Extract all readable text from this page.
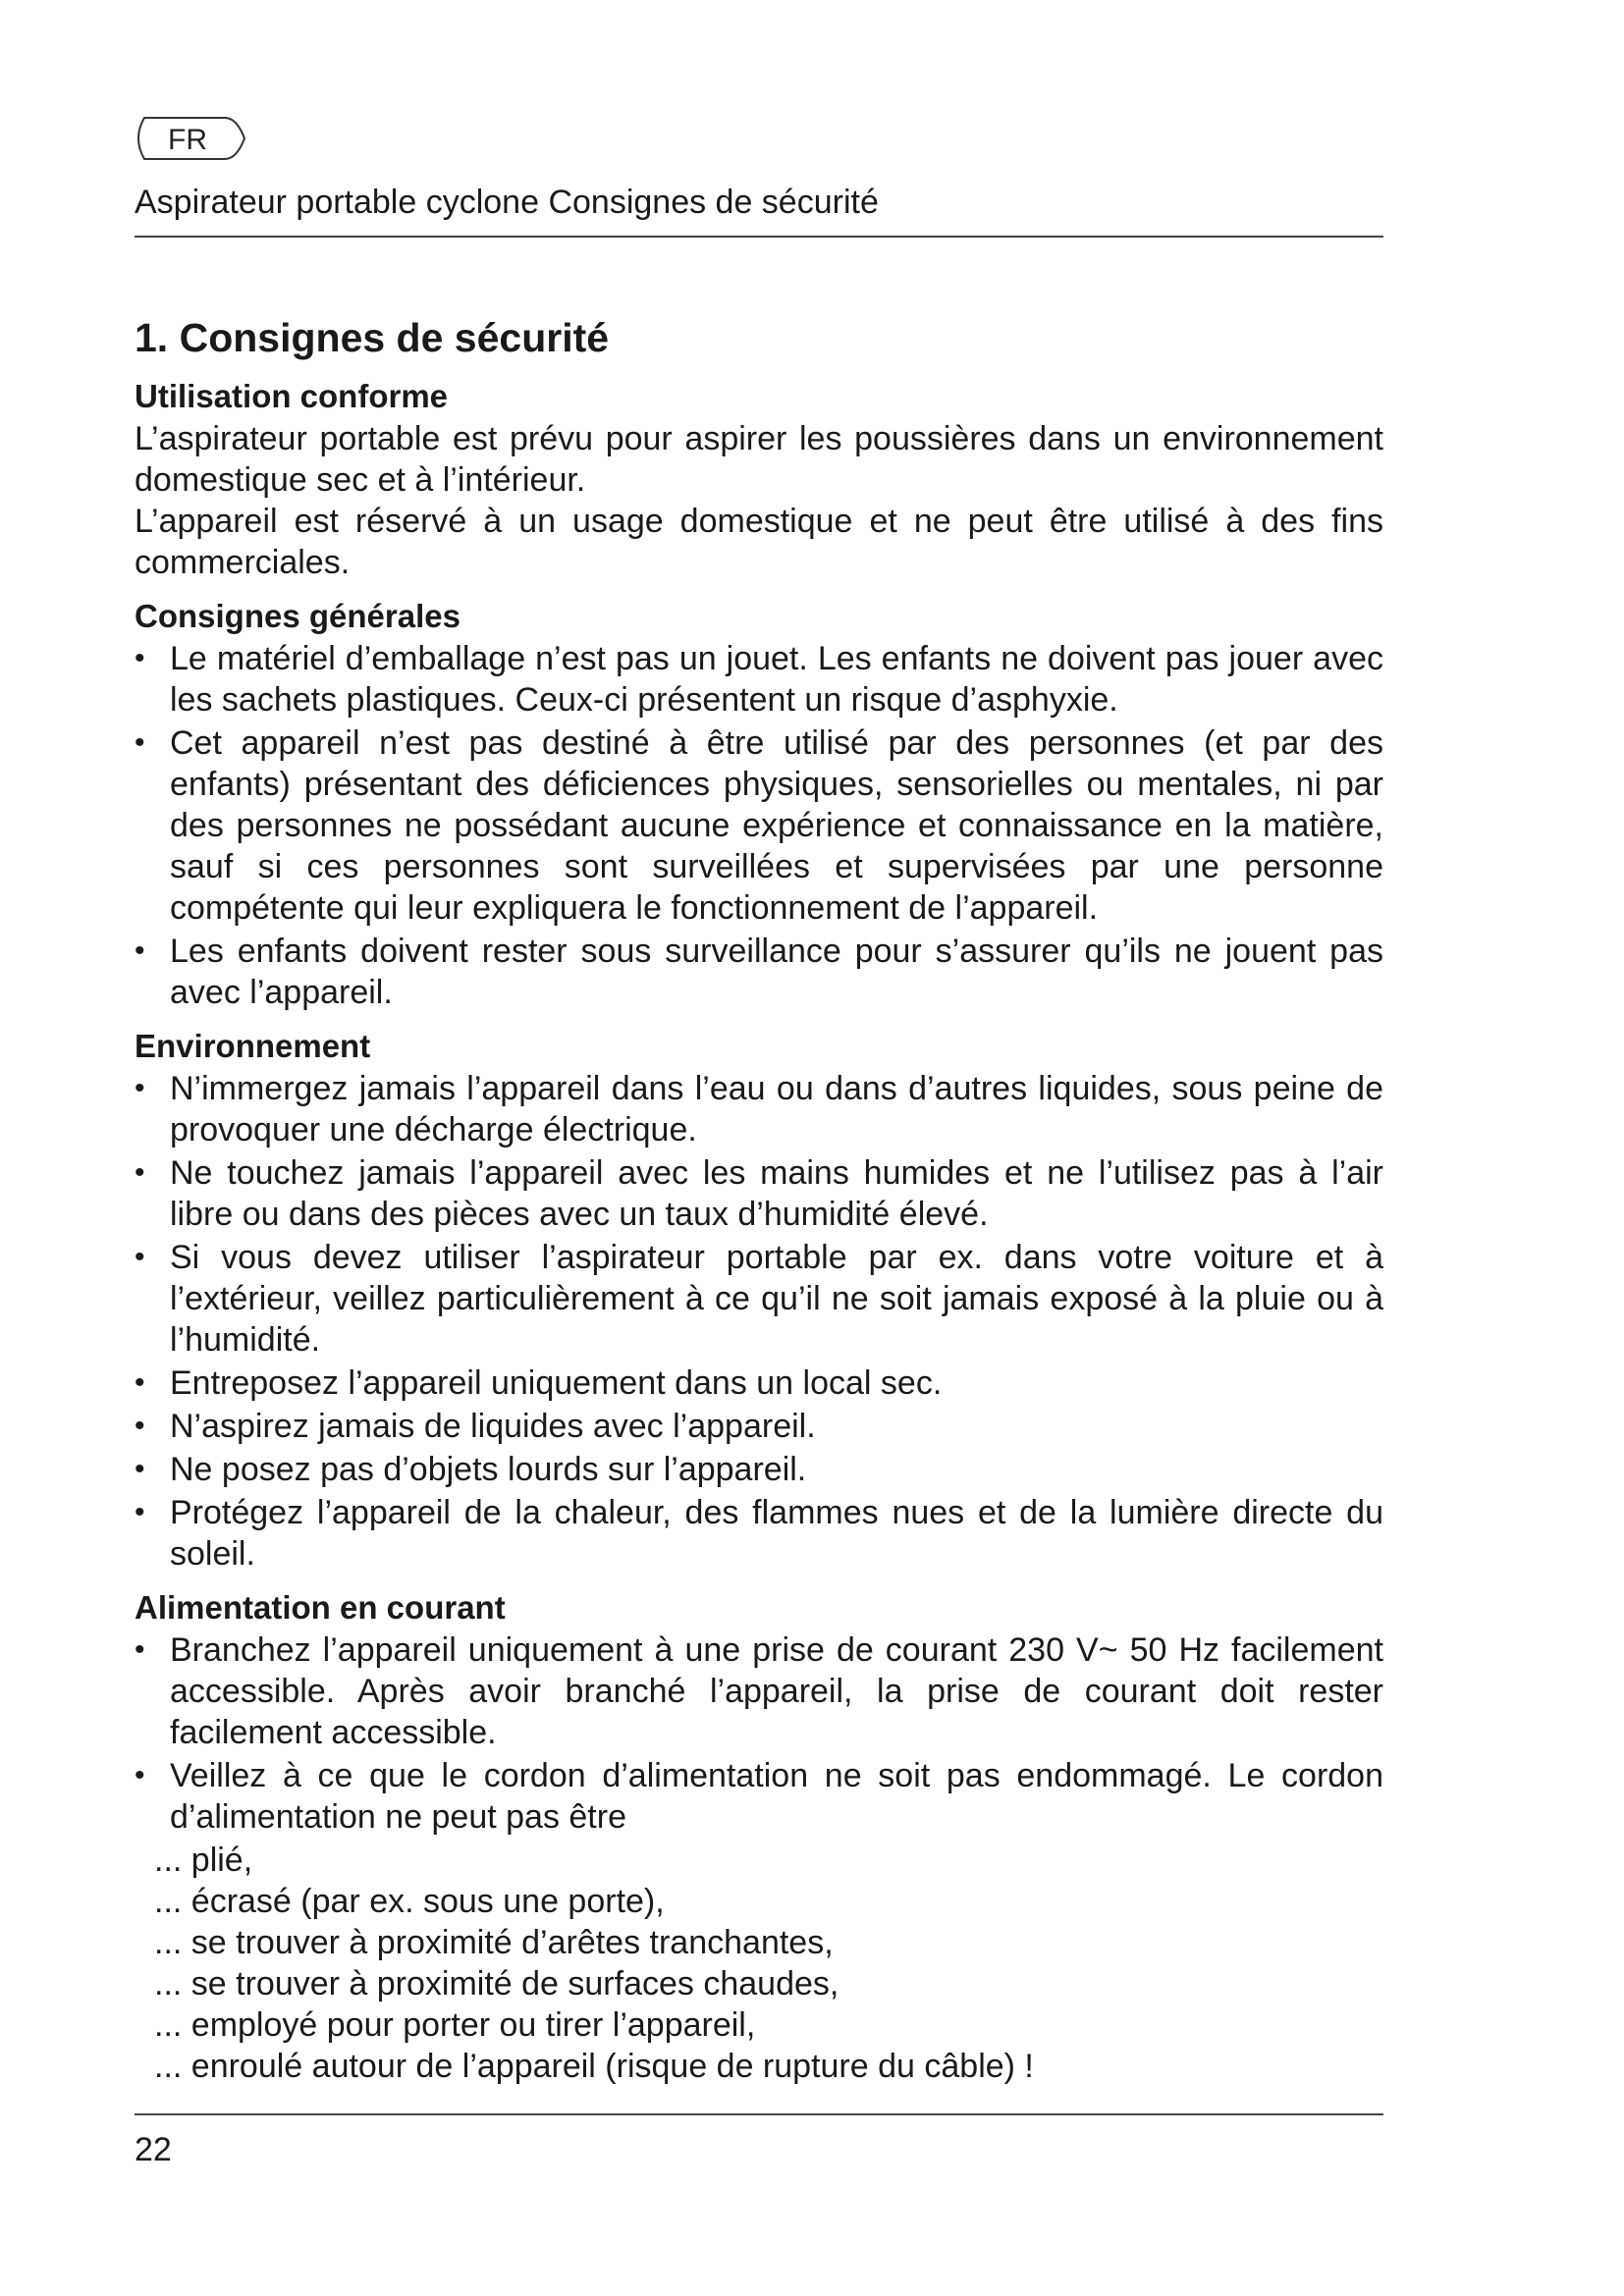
FR
Aspirateur portable cyclone Consignes de sécurité
1. Consignes de sécurité
Utilisation conforme

L’aspirateur portable est prévu pour aspirer les poussières dans un environnement domestique sec et à l’intérieur.

L’appareil est réservé à un usage domestique et ne peut être utilisé à des fins commerciales.

Consignes générales
• Le matériel d’emballage n’est pas un jouet. Les enfants ne doivent pas jouer avec les sachets plastiques. Ceux-ci présentent un risque d’asphyxie.
• Cet appareil n’est pas destiné à être utilisé par des personnes (et par des enfants) présentant des déficiences physiques, sensorielles ou mentales, ni par des personnes ne possédant aucune expérience et connaissance en la matière, sauf si ces personnes sont surveillées et supervisées par une personne compétente qui leur expliquera le fonctionnement de l’appareil.
• Les enfants doivent rester sous surveillance pour s’assurer qu’ils ne jouent pas avec l’appareil.
Environnement
• N’immergez jamais l’appareil dans l’eau ou dans d’autres liquides, sous peine de provoquer une décharge électrique.
• Ne touchez jamais l’appareil avec les mains humides et ne l’utilisez pas à l’air libre ou dans des pièces avec un taux d’humidité élevé.
• Si vous devez utiliser l’aspirateur portable par ex. dans votre voiture et à l’extérieur, veillez particulièrement à ce qu’il ne soit jamais exposé à la pluie ou à l’humidité.
• Entreposez l’appareil uniquement dans un local sec.
• N’aspirez jamais de liquides avec l’appareil.
• Ne posez pas d’objets lourds sur l’appareil.
• Protégez l’appareil de la chaleur, des flammes nues et de la lumière directe du soleil.
Alimentation en courant
• Branchez l’appareil uniquement à une prise de courant 230 V~ 50 Hz facilement accessible. Après avoir branché l’appareil, la prise de courant doit rester facilement accessible.
• Veillez à ce que le cordon d’alimentation ne soit pas endommagé. Le cordon d’alimentation ne peut pas être
... plié,
... écrasé (par ex. sous une porte),
... se trouver à proximité d’arêtes tranchantes,
... se trouver à proximité de surfaces chaudes,
... employé pour porter ou tirer l’appareil,
... enroulé autour de l’appareil (risque de rupture du câble) !
22
